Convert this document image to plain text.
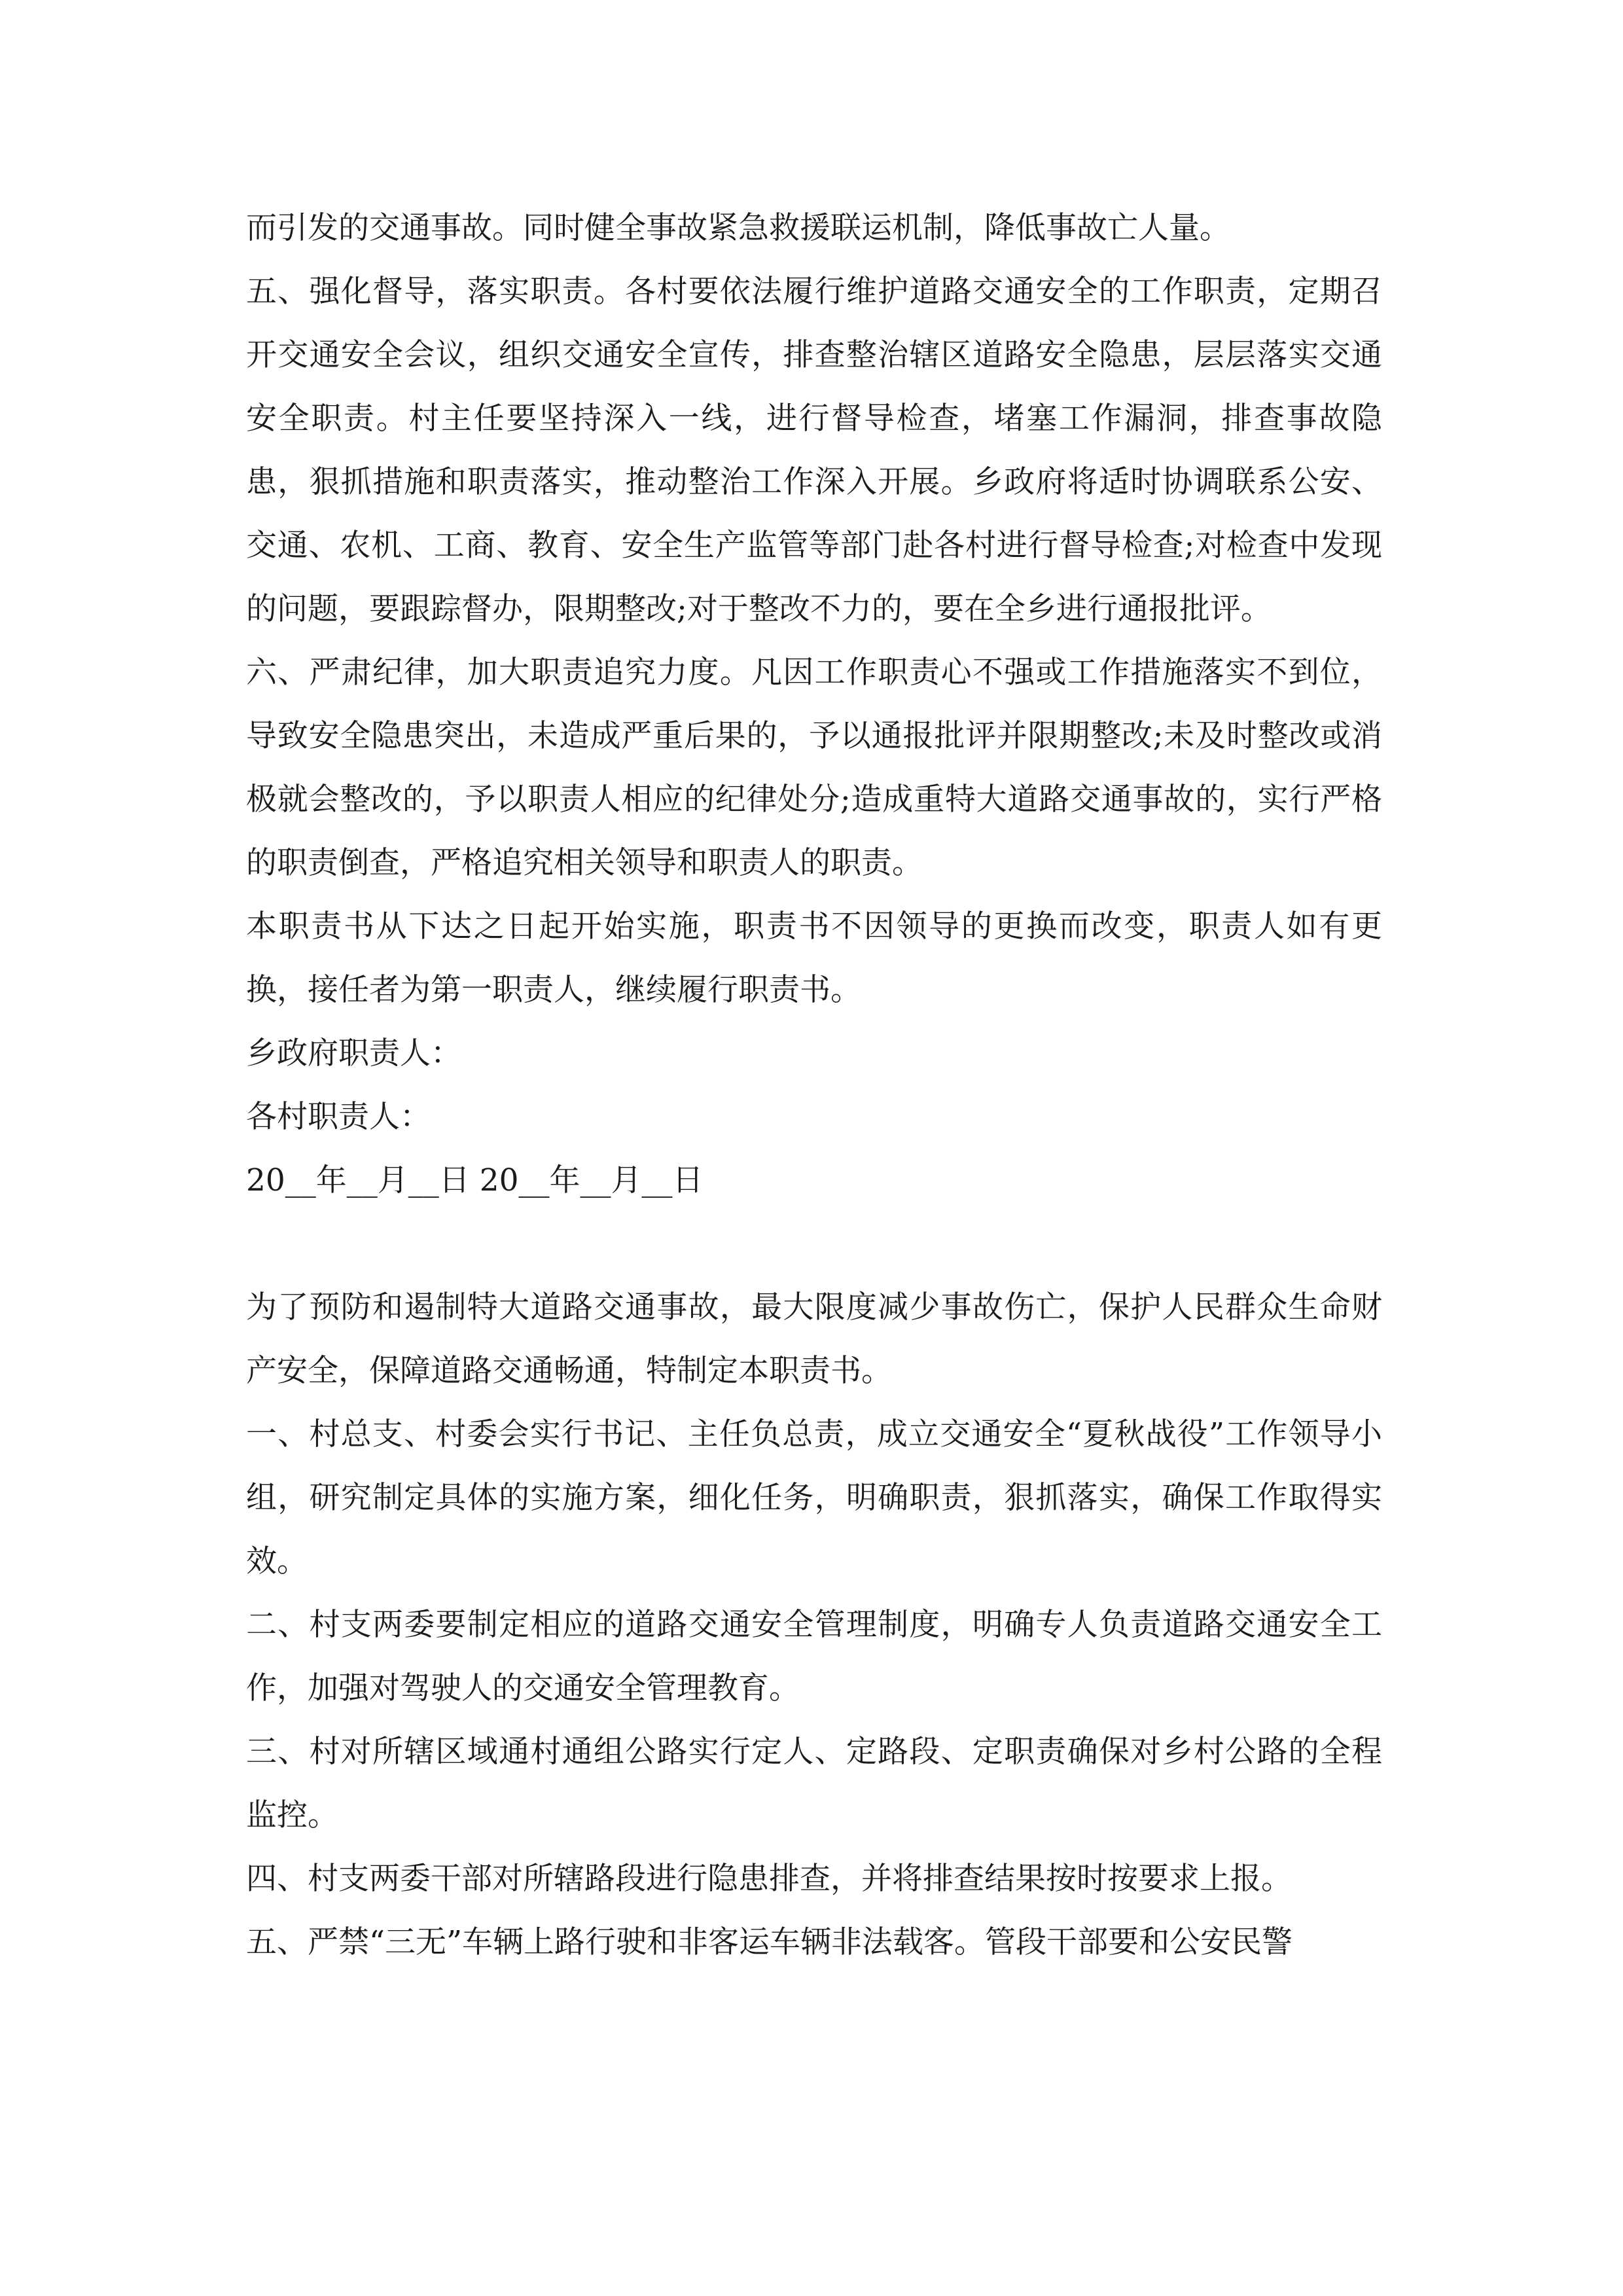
而引发的交通事故。同时健全事故紧急救援联运机制，降低事故亡人量。

五、强化督导，落实职责。各村要依法履行维护道路交通安全的工作职责，定期召开交通安全会议，组织交通安全宣传，排查整治辖区道路安全隐患，层层落实交通安全职责。村主任要坚持深入一线，进行督导检查，堵塞工作漏洞，排查事故隐患，狠抓措施和职责落实，推动整治工作深入开展。乡政府将适时协调联系公安、交通、农机、工商、教育、安全生产监管等部门赴各村进行督导检查;对检查中发现的问题，要跟踪督办，限期整改;对于整改不力的，要在全乡进行通报批评。

六、严肃纪律，加大职责追究力度。凡因工作职责心不强或工作措施落实不到位，导致安全隐患突出，未造成严重后果的，予以通报批评并限期整改;未及时整改或消极就会整改的，予以职责人相应的纪律处分;造成重特大道路交通事故的，实行严格的职责倒查，严格追究相关领导和职责人的职责。

本职责书从下达之日起开始实施，职责书不因领导的更换而改变，职责人如有更换，接任者为第一职责人，继续履行职责书。

乡政府职责人：

各村职责人：

20__年__月__日 20__年__月__日

为了预防和遏制特大道路交通事故，最大限度减少事故伤亡，保护人民群众生命财产安全，保障道路交通畅通，特制定本职责书。

一、村总支、村委会实行书记、主任负总责，成立交通安全“夏秋战役”工作领导小组，研究制定具体的实施方案，细化任务，明确职责，狠抓落实，确保工作取得实效。

二、村支两委要制定相应的道路交通安全管理制度，明确专人负责道路交通安全工作，加强对驾驶人的交通安全管理教育。

三、村对所辖区域通村通组公路实行定人、定路段、定职责确保对乡村公路的全程监控。

四、村支两委干部对所辖路段进行隐患排查，并将排查结果按时按要求上报。

五、严禁“三无”车辆上路行驶和非客运车辆非法载客。管段干部要和公安民警
